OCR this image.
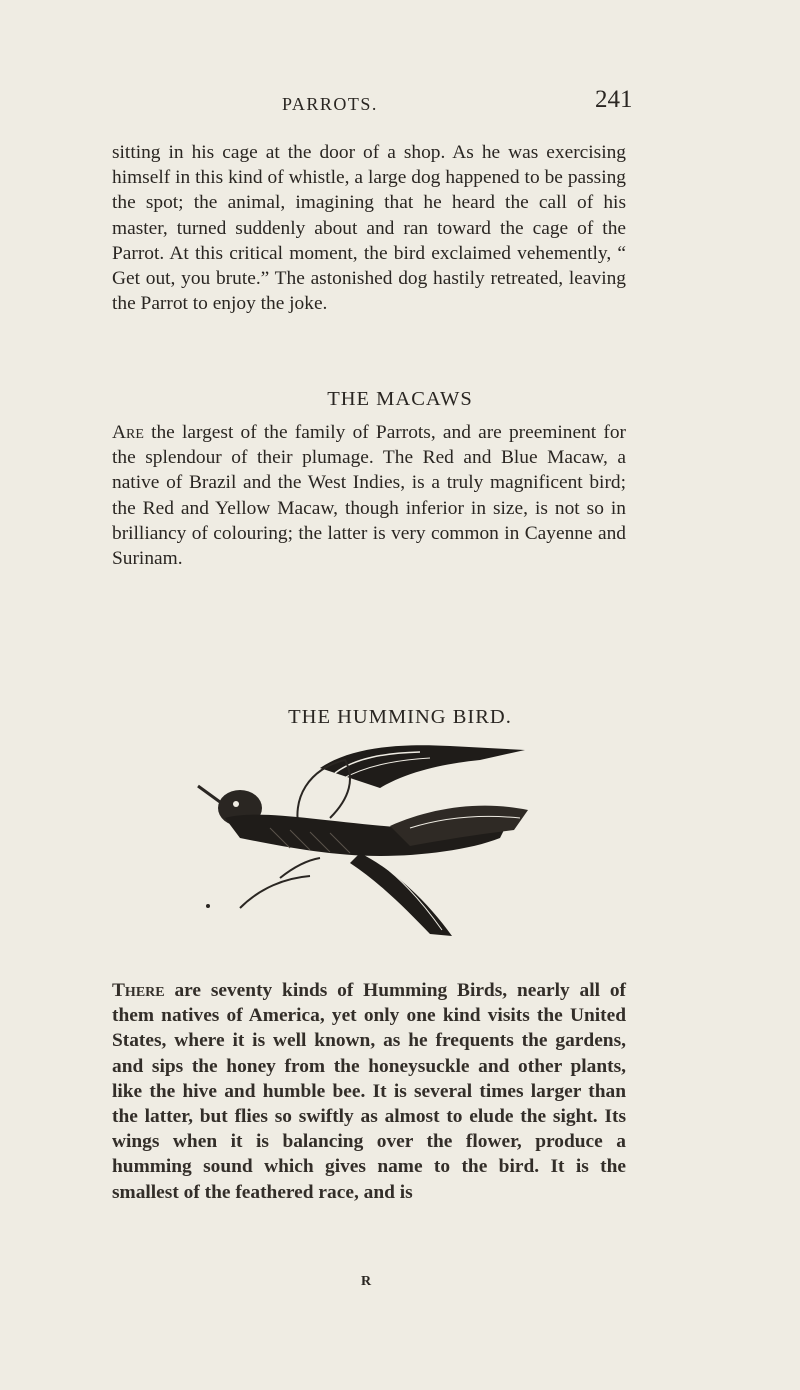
PARROTS.	241

sitting in his cage at the door of a shop. As he was exercising himself in this kind of whistle, a large dog happened to be passing the spot; the animal, imagining that he heard the call of his master, turned suddenly about and ran toward the cage of the Parrot. At this critical moment, the bird exclaimed vehemently, “ Get out, you brute.” The astonished dog hastily retreated, leaving the Parrot to enjoy the joke.

THE MACAWS

Are the largest of the family of Parrots, and are preeminent for the splendour of their plumage. The Red and Blue Macaw, a native of Brazil and the West Indies, is a truly magnificent bird; the Red and Yellow Macaw, though inferior in size, is not so in brilliancy of colouring; the latter is very common in Cayenne and Surinam.

THE HUMMING BIRD.

There are seventy kinds of Humming Birds, nearly all of them natives of America, yet only one kind visits the United States, where it is well known, as he frequents the gardens, and sips the honey from the honeysuckle and other plants, like the hive and humble bee. It is several times larger than the latter, but flies so swiftly as almost to elude the sight. Its wings when it is balancing over the flower, produce a humming sound which gives name to the bird. It is the smallest of the feathered race, and is

R
